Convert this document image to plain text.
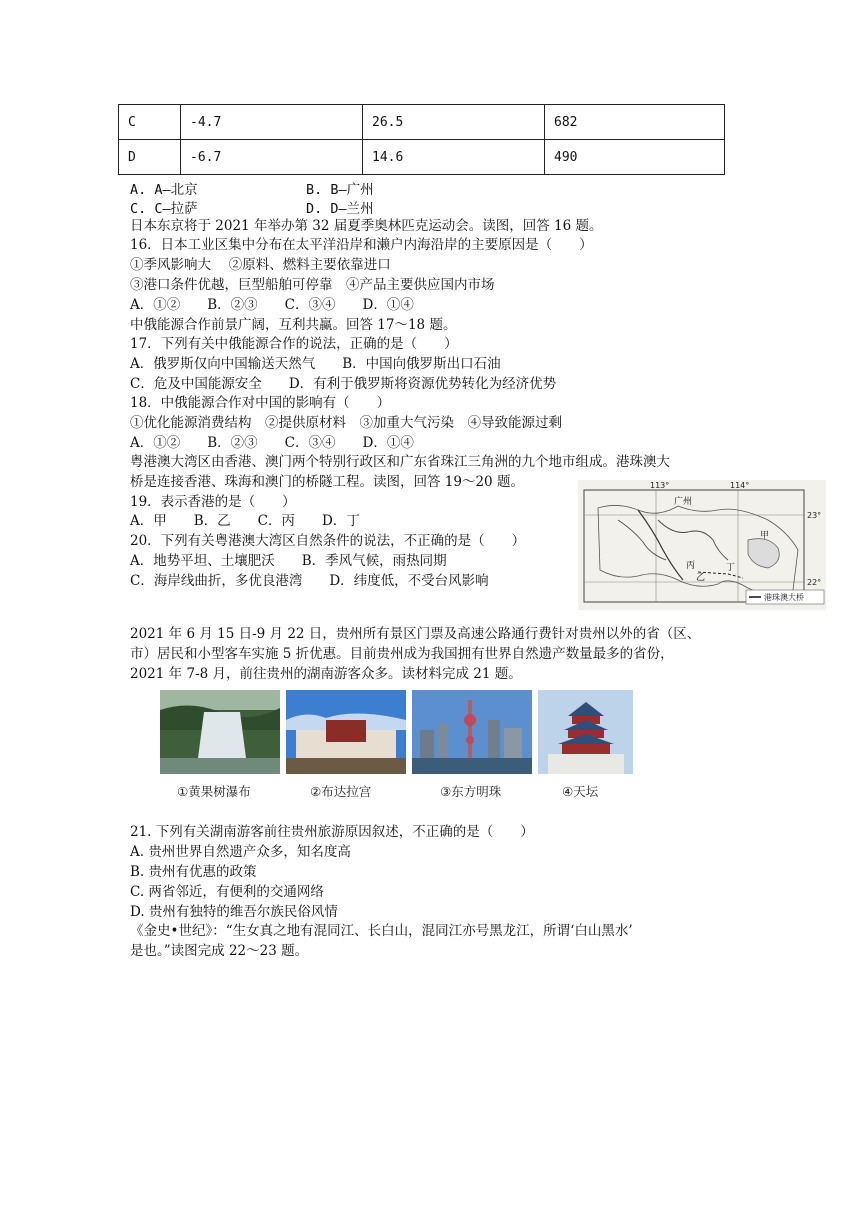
C	-4.7	26.5	682
D	-6.7	14.6	490
A. A—北京	B. B—广州
C. C—拉萨	D. D—兰州
日本东京将于 2021 年举办第 32 届夏季奥林匹克运动会。读图，回答 16 题。
16．日本工业区集中分布在太平洋沿岸和濑户内海沿岸的主要原因是（　　）
①季风影响大　 ②原料、燃料主要依靠进口
③港口条件优越，巨型船舶可停靠　④产品主要供应国内市场
A．①②　　B．②③　　C．③④　　D．①④
中俄能源合作前景广阔，互利共赢。回答 17～18 题。
17．下列有关中俄能源合作的说法，正确的是（　　）
A．俄罗斯仅向中国输送天然气　　B．中国向俄罗斯出口石油
C．危及中国能源安全　　D．有利于俄罗斯将资源优势转化为经济优势
18．中俄能源合作对中国的影响有（　　）
①优化能源消费结构　②提供原材料　③加重大气污染　④导致能源过剩
A．①②　　B．②③　　C．③④　　D．①④
粤港澳大湾区由香港、澳门两个特别行政区和广东省珠江三角洲的九个地市组成。港珠澳大
桥是连接香港、珠海和澳门的桥隧工程。读图，回答 19～20 题。
19．表示香港的是（　　）
A．甲　　B．乙　　C．丙　　D．丁
20．下列有关粤港澳大湾区自然条件的说法，不正确的是（　　）
A．地势平坦、土壤肥沃　　B．季风气候，雨热同期
C．海岸线曲折，多优良港湾　　D．纬度低，不受台风影响
113°	114°
23°
22°
广州
甲
乙
丙	丁
港珠澳大桥
2021 年 6 月 15 日-9 月 22 日，贵州所有景区门票及高速公路通行费针对贵州以外的省（区、
市）居民和小型客车实施 5 折优惠。目前贵州成为我国拥有世界自然遗产数量最多的省份，
2021 年 7-8 月，前往贵州的湖南游客众多。读材料完成 21 题。
①黄果树瀑布	②布达拉宫	③东方明珠	④天坛
21. 下列有关湖南游客前往贵州旅游原因叙述，不正确的是（　　）
A. 贵州世界自然遗产众多，知名度高
B. 贵州有优惠的政策
C. 两省邻近，有便利的交通网络
D. 贵州有独特的维吾尔族民俗风情
《金史•世纪》：“生女真之地有混同江、长白山，混同江亦号黑龙江，所谓‘白山黑水’
是也。”读图完成 22～23 题。
